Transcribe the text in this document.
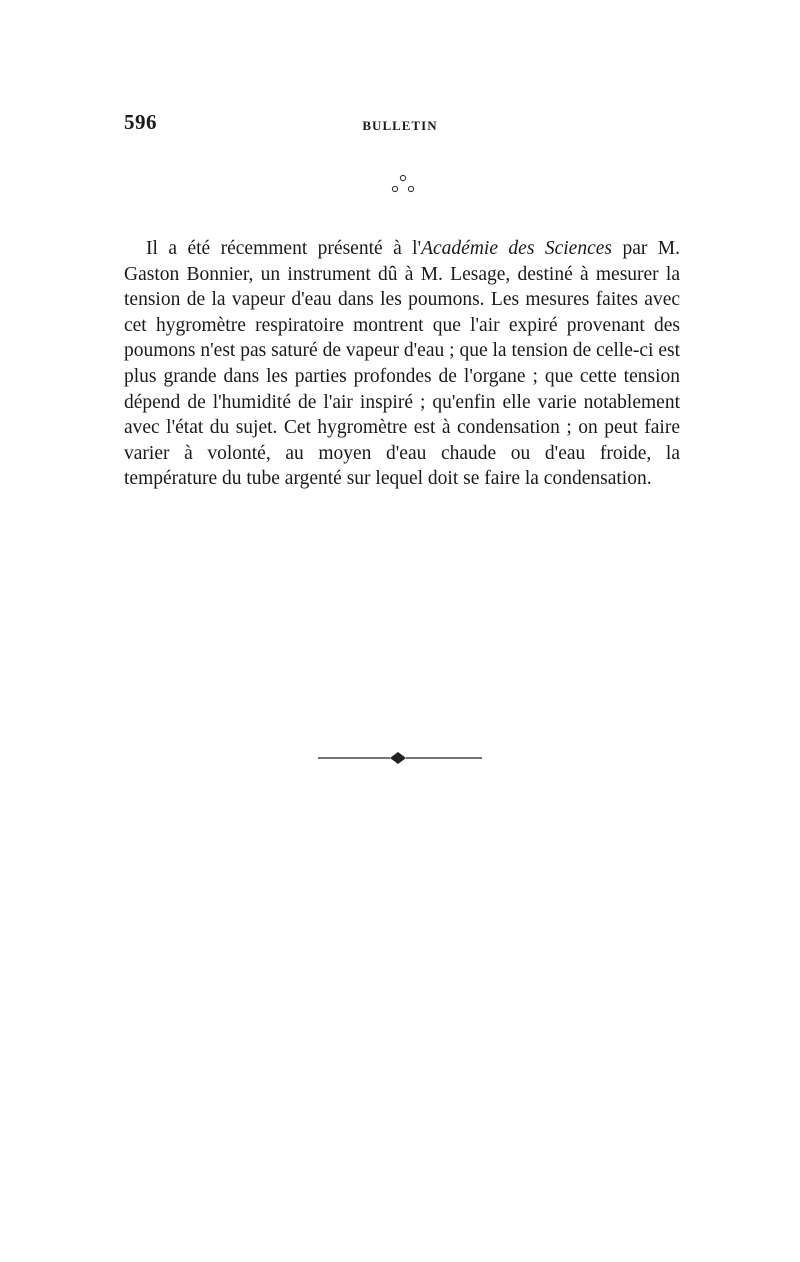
596	BULLETIN

Il a été récemment présenté à l'Académie des Sciences par M. Gaston Bonnier, un instrument dû à M. Lesage, destiné à mesurer la tension de la vapeur d'eau dans les poumons. Les mesures faites avec cet hygromètre respiratoire montrent que l'air expiré provenant des poumons n'est pas saturé de vapeur d'eau ; que la tension de celle-ci est plus grande dans les parties profondes de l'organe ; que cette tension dépend de l'humidité de l'air inspiré ; qu'enfin elle varie notablement avec l'état du sujet. Cet hygromètre est à condensation ; on peut faire varier à volonté, au moyen d'eau chaude ou d'eau froide, la température du tube argenté sur lequel doit se faire la condensation.
